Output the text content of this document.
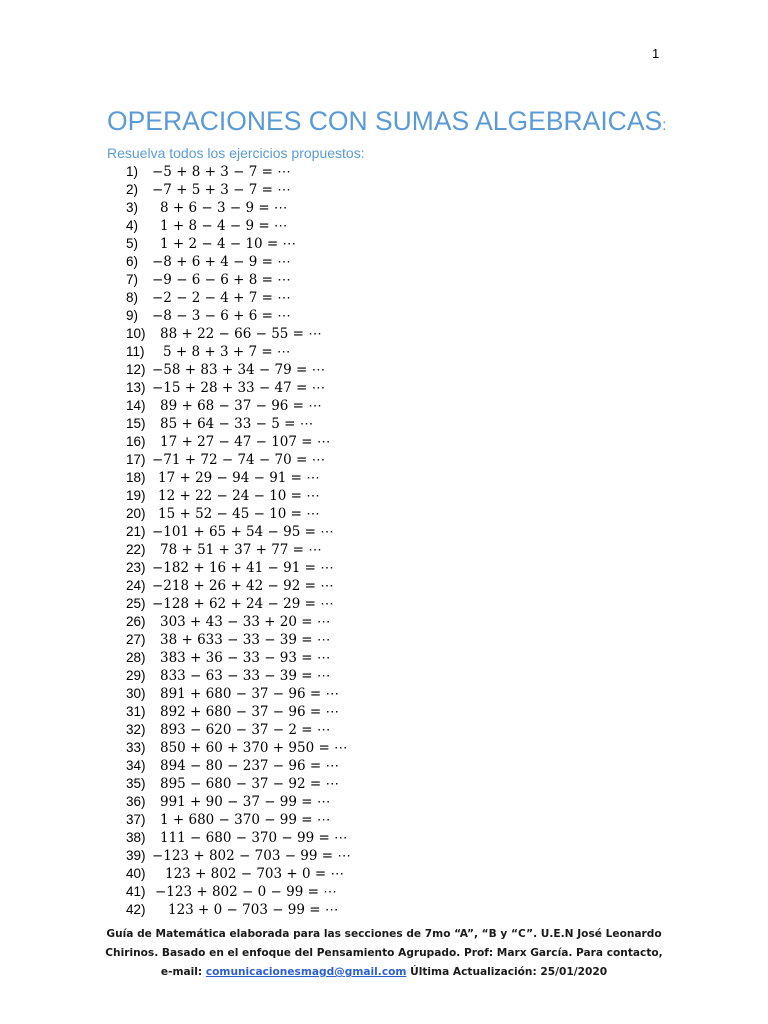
1
OPERACIONES CON SUMAS ALGEBRAICAS:
Resuelva todos los ejercicios propuestos:
1) −5 + 8 + 3 − 7 = ⋯
2) −7 + 5 + 3 − 7 = ⋯
3) 8 + 6 − 3 − 9 = ⋯
4) 1 + 8 − 4 − 9 = ⋯
5) 1 + 2 − 4 − 10 = ⋯
6) −8 + 6 + 4 − 9 = ⋯
7) −9 − 6 − 6 + 8 = ⋯
8) −2 − 2 − 4 + 7 = ⋯
9) −8 − 3 − 6 + 6 = ⋯
10) 88 + 22 − 66 − 55 = ⋯
11) 5 + 8 + 3 + 7 = ⋯
12) −58 + 83 + 34 − 79 = ⋯
13) −15 + 28 + 33 − 47 = ⋯
14) 89 + 68 − 37 − 96 = ⋯
15) 85 + 64 − 33 − 5 = ⋯
16) 17 + 27 − 47 − 107 = ⋯
17) −71 + 72 − 74 − 70 = ⋯
18) 17 + 29 − 94 − 91 = ⋯
19) 12 + 22 − 24 − 10 = ⋯
20) 15 + 52 − 45 − 10 = ⋯
21) −101 + 65 + 54 − 95 = ⋯
22) 78 + 51 + 37 + 77 = ⋯
23) −182 + 16 + 41 − 91 = ⋯
24) −218 + 26 + 42 − 92 = ⋯
25) −128 + 62 + 24 − 29 = ⋯
26) 303 + 43 − 33 + 20 = ⋯
27) 38 + 633 − 33 − 39 = ⋯
28) 383 + 36 − 33 − 93 = ⋯
29) 833 − 63 − 33 − 39 = ⋯
30) 891 + 680 − 37 − 96 = ⋯
31) 892 + 680 − 37 − 96 = ⋯
32) 893 − 620 − 37 − 2 = ⋯
33) 850 + 60 + 370 + 950 = ⋯
34) 894 − 80 − 237 − 96 = ⋯
35) 895 − 680 − 37 − 92 = ⋯
36) 991 + 90 − 37 − 99 = ⋯
37) 1 + 680 − 370 − 99 = ⋯
38) 111 − 680 − 370 − 99 = ⋯
39) −123 + 802 − 703 − 99 = ⋯
40) 123 + 802 − 703 + 0 = ⋯
41) −123 + 802 − 0 − 99 = ⋯
42) 123 + 0 − 703 − 99 = ⋯
Guía de Matemática elaborada para las secciones de 7mo “A”, “B y “C”. U.E.N José Leonardo Chirinos. Basado en el enfoque del Pensamiento Agrupado. Prof: Marx García. Para contacto, e-mail: comunicacionesmagd@gmail.com Última Actualización: 25/01/2020
